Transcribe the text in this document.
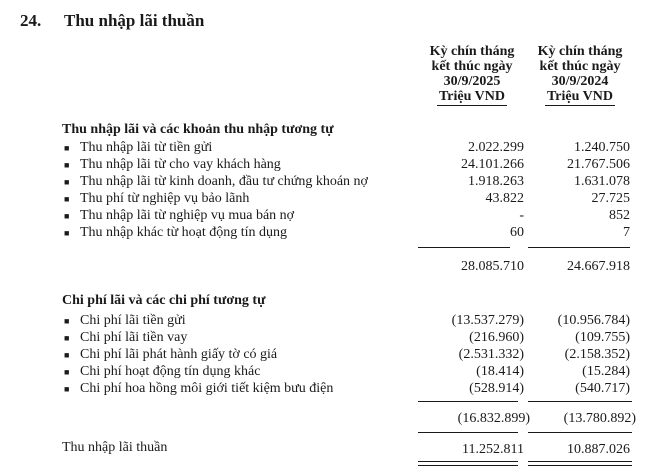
24. Thu nhập lãi thuần
Kỳ chín tháng
kết thúc ngày
30/9/2025
Triệu VND
Kỳ chín tháng
kết thúc ngày
30/9/2024
Triệu VND
Thu nhập lãi và các khoản thu nhập tương tự
■ Thu nhập lãi từ tiền gửi	2.022.299	1.240.750
■ Thu nhập lãi từ cho vay khách hàng	24.101.266	21.767.506
■ Thu nhập lãi từ kinh doanh, đầu tư chứng khoán nợ	1.918.263	1.631.078
■ Thu phí từ nghiệp vụ bảo lãnh	43.822	27.725
■ Thu nhập lãi từ nghiệp vụ mua bán nợ	-	852
■ Thu nhập khác từ hoạt động tín dụng	60	7
28.085.710	24.667.918
Chi phí lãi và các chi phí tương tự
■ Chi phí lãi tiền gửi	(13.537.279) (10.956.784)
■ Chi phí lãi tiền vay	(216.960)	(109.755)
■ Chi phí lãi phát hành giấy tờ có giá	(2.531.332)	(2.158.352)
■ Chi phí hoạt động tín dụng khác	(18.414)	(15.284)
■ Chi phí hoa hồng môi giới tiết kiệm bưu điện	(528.914)	(540.717)
(16.832.899) (13.780.892)
Thu nhập lãi thuần	11.252.811	10.887.026
